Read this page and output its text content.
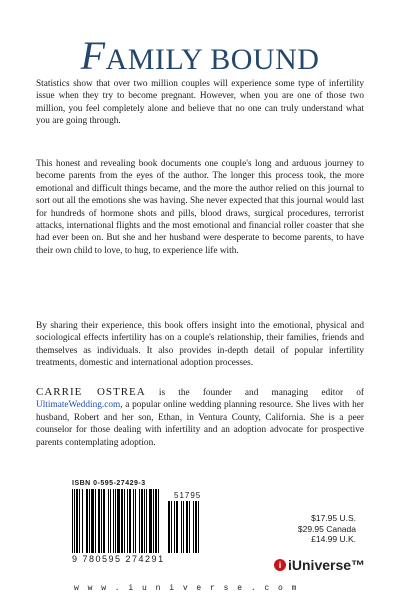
FAMILY BOUND
Statistics show that over two million couples will experience some type of infertility issue when they try to become pregnant. However, when you are one of those two million, you feel completely alone and believe that no one can truly understand what you are going through.
This honest and revealing book documents one couple's long and arduous journey to become parents from the eyes of the author. The longer this process took, the more emotional and difficult things became, and the more the author relied on this journal to sort out all the emotions she was having. She never expected that this journal would last for hundreds of hormone shots and pills, blood draws, surgical procedures, terrorist attacks, international flights and the most emotional and financial roller coaster that she had ever been on. But she and her husband were desperate to become parents, to have their own child to love, to hug, to experience life with.
By sharing their experience, this book offers insight into the emotional, physical and sociological effects infertility has on a couple's relationship, their families, friends and themselves as individuals. It also provides in-depth detail of popular infertility treatments, domestic and international adoption processes.
CARRIE OSTREA is the founder and managing editor of UltimateWedding.com, a popular online wedding planning resource. She lives with her husband, Robert and her son, Ethan, in Ventura County, California. She is a peer counselor for those dealing with infertility and an adoption advocate for prospective parents contemplating adoption.
ISBN 0-595-27429-3
51795
9 780595 274291
$17.95 U.S.
$29.95 Canada
£14.99 U.K.
i iUniverse™
w w w . i u n i v e r s e . c o m
